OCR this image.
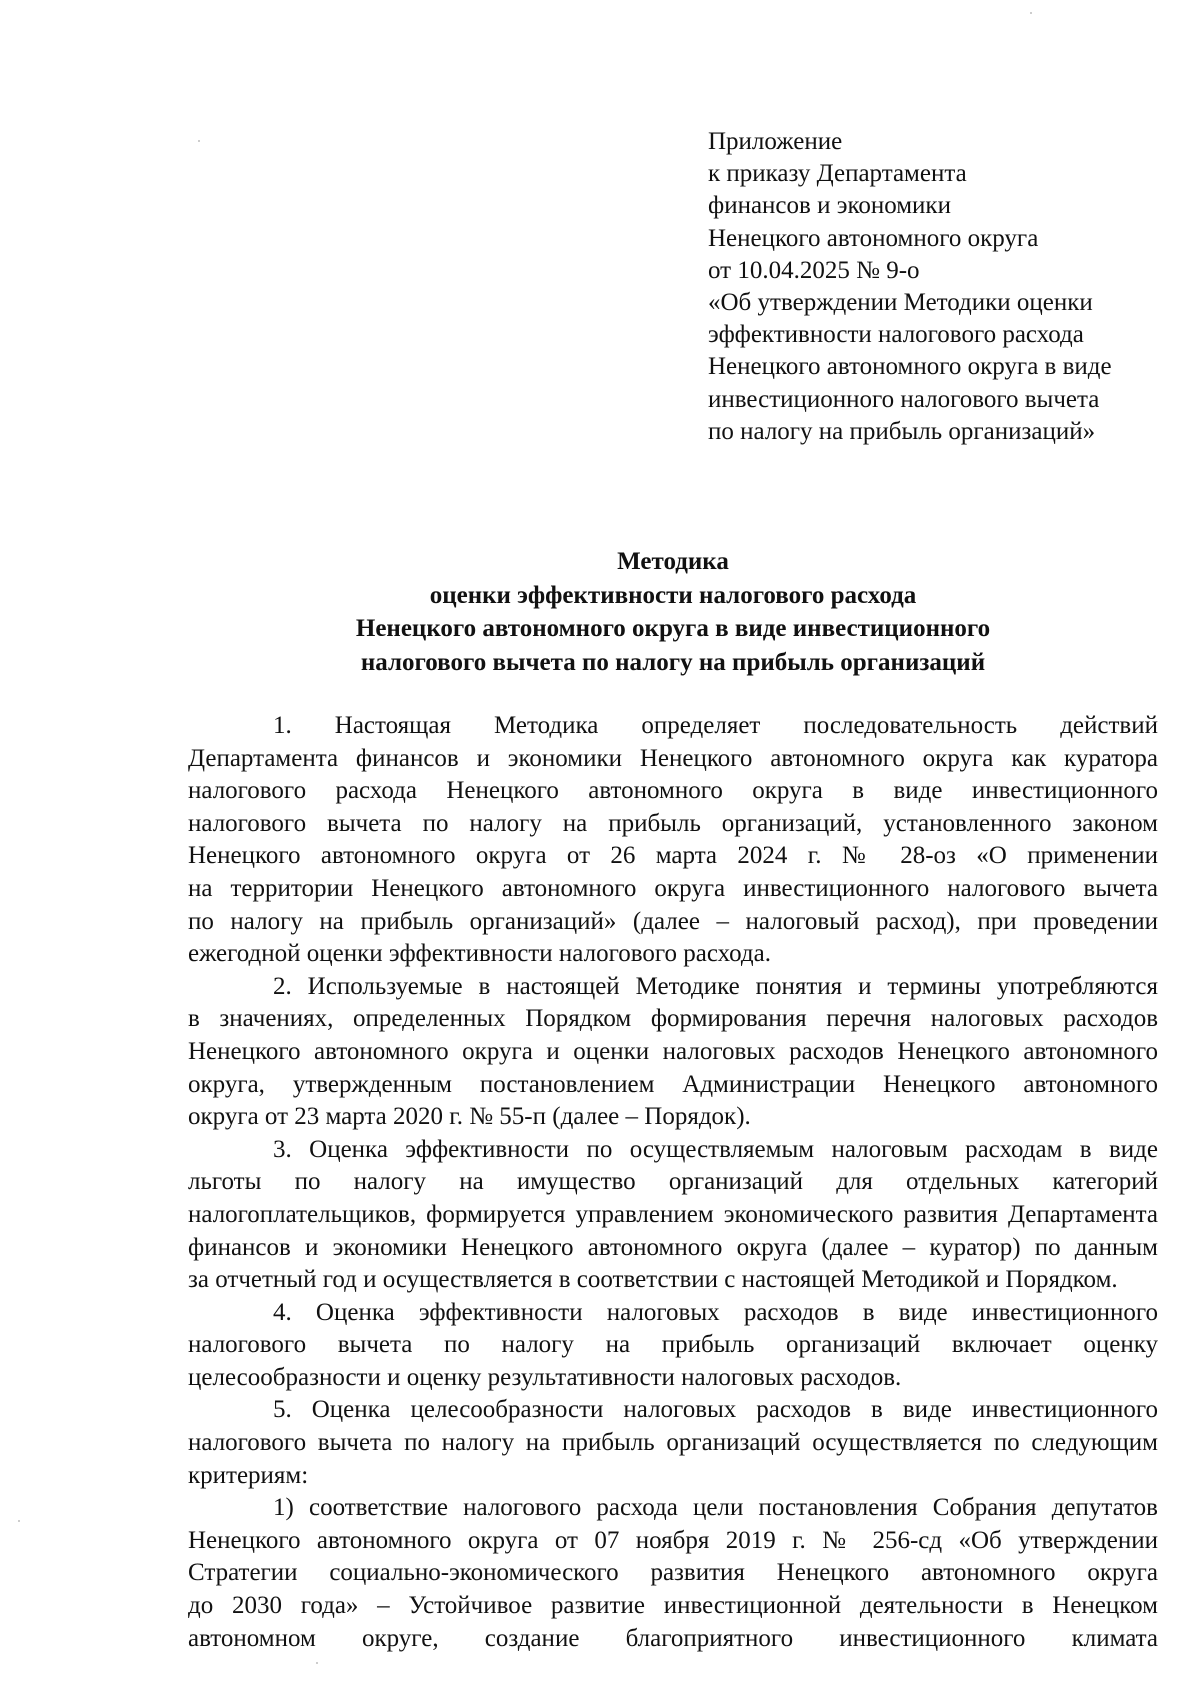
Приложение
к приказу Департамента
финансов и экономики
Ненецкого автономного округа
от 10.04.2025 № 9-о
«Об утверждении Методики оценки
эффективности налогового расхода
Ненецкого автономного округа в виде
инвестиционного налогового вычета
по налогу на прибыль организаций»
Методика
оценки эффективности налогового расхода
Ненецкого автономного округа в виде инвестиционного
налогового вычета по налогу на прибыль организаций
1. Настоящая Методика определяет последовательность действий
Департамента финансов и экономики Ненецкого автономного округа как куратора
налогового расхода Ненецкого автономного округа в виде инвестиционного
налогового вычета по налогу на прибыль организаций, установленного законом
Ненецкого автономного округа от 26 марта 2024 г. № 28-оз «О применении
на территории Ненецкого автономного округа инвестиционного налогового вычета
по налогу на прибыль организаций» (далее – налоговый расход), при проведении
ежегодной оценки эффективности налогового расхода.
2. Используемые в настоящей Методике понятия и термины употребляются
в значениях, определенных Порядком формирования перечня налоговых расходов
Ненецкого автономного округа и оценки налоговых расходов Ненецкого автономного
округа, утвержденным постановлением Администрации Ненецкого автономного
округа от 23 марта 2020 г. № 55-п (далее – Порядок).
3. Оценка эффективности по осуществляемым налоговым расходам в виде
льготы по налогу на имущество организаций для отдельных категорий
налогоплательщиков, формируется управлением экономического развития Департамента
финансов и экономики Ненецкого автономного округа (далее – куратор) по данным
за отчетный год и осуществляется в соответствии с настоящей Методикой и Порядком.
4. Оценка эффективности налоговых расходов в виде инвестиционного
налогового вычета по налогу на прибыль организаций включает оценку
целесообразности и оценку результативности налоговых расходов.
5. Оценка целесообразности налоговых расходов в виде инвестиционного
налогового вычета по налогу на прибыль организаций осуществляется по следующим
критериям:
1) соответствие налогового расхода цели постановления Собрания депутатов
Ненецкого автономного округа от 07 ноября 2019 г. № 256-сд «Об утверждении
Стратегии социально-экономического развития Ненецкого автономного округа
до 2030 года» – Устойчивое развитие инвестиционной деятельности в Ненецком
автономном округе, создание благоприятного инвестиционного климата
